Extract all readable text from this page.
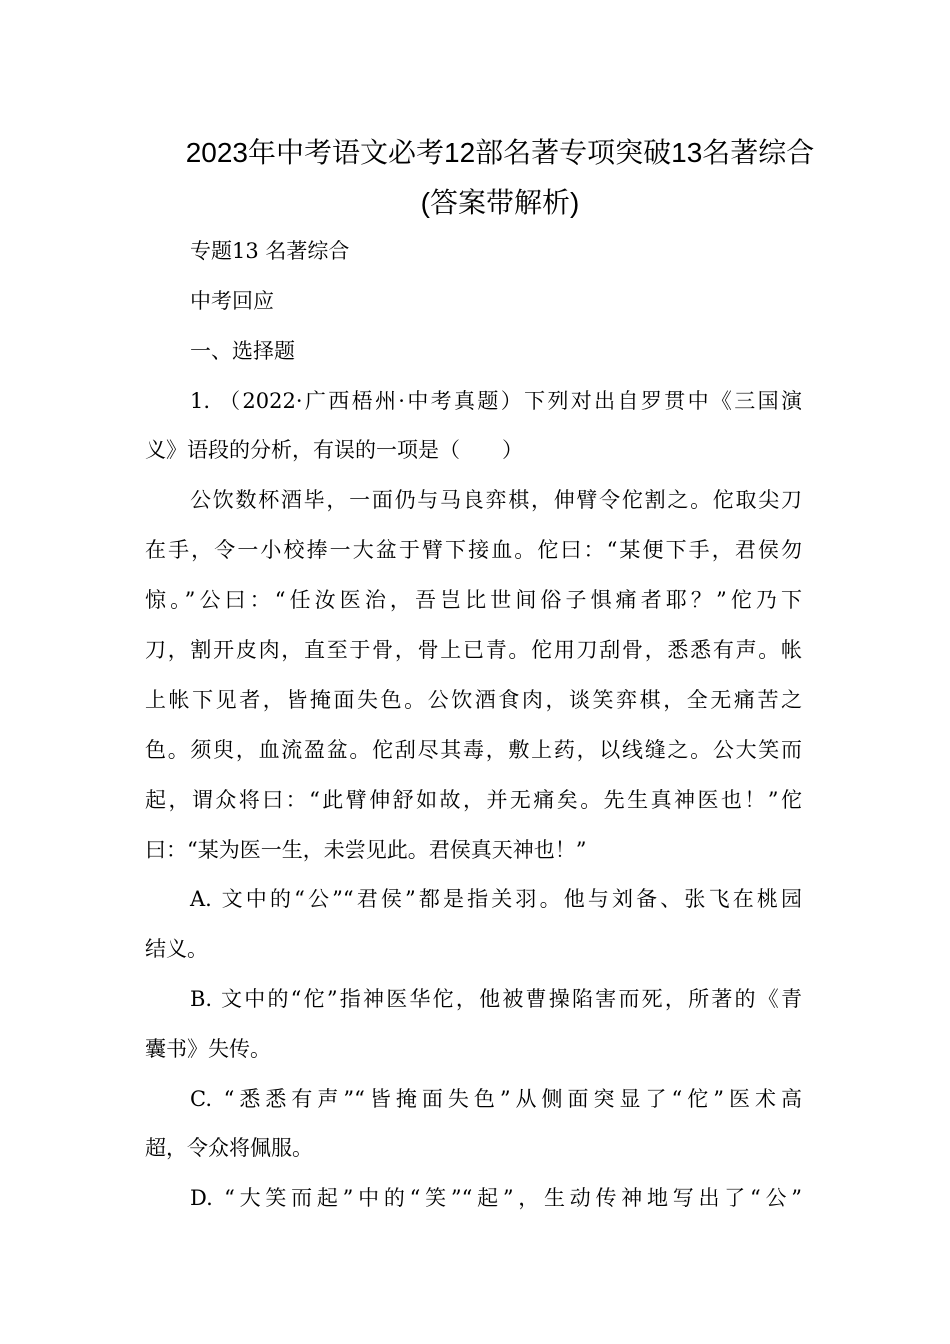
2023年中考语文必考12部名著专项突破13名著综合
(答案带解析)
专题13 名著综合
中考回应
一、选择题
1. （2022·广西梧州·中考真题）下列对出自罗贯中《三国演
义》语段的分析，有误的一项是（　　）
公饮数杯酒毕，一面仍与马良弈棋，伸臂令佗割之。佗取尖刀
在手，令一小校捧一大盆于臂下接血。佗曰：“某便下手，君侯勿
惊。”公曰：“任汝医治，吾岂比世间俗子惧痛者耶？”佗乃下
刀，割开皮肉，直至于骨，骨上已青。佗用刀刮骨，悉悉有声。帐
上帐下见者，皆掩面失色。公饮酒食肉，谈笑弈棋，全无痛苦之
色。须臾，血流盈盆。佗刮尽其毒，敷上药，以线缝之。公大笑而
起，谓众将曰：“此臂伸舒如故，并无痛矣。先生真神医也！”佗
曰：“某为医一生，未尝见此。君侯真天神也！”
A. 文中的“公”“君侯”都是指关羽。他与刘备、张飞在桃园
结义。
B. 文中的“佗”指神医华佗，他被曹操陷害而死，所著的《青
囊书》失传。
C. “悉悉有声”“皆掩面失色”从侧面突显了“佗”医术高
超，令众将佩服。
D. “大笑而起”中的“笑”“起”，生动传神地写出了“公”
